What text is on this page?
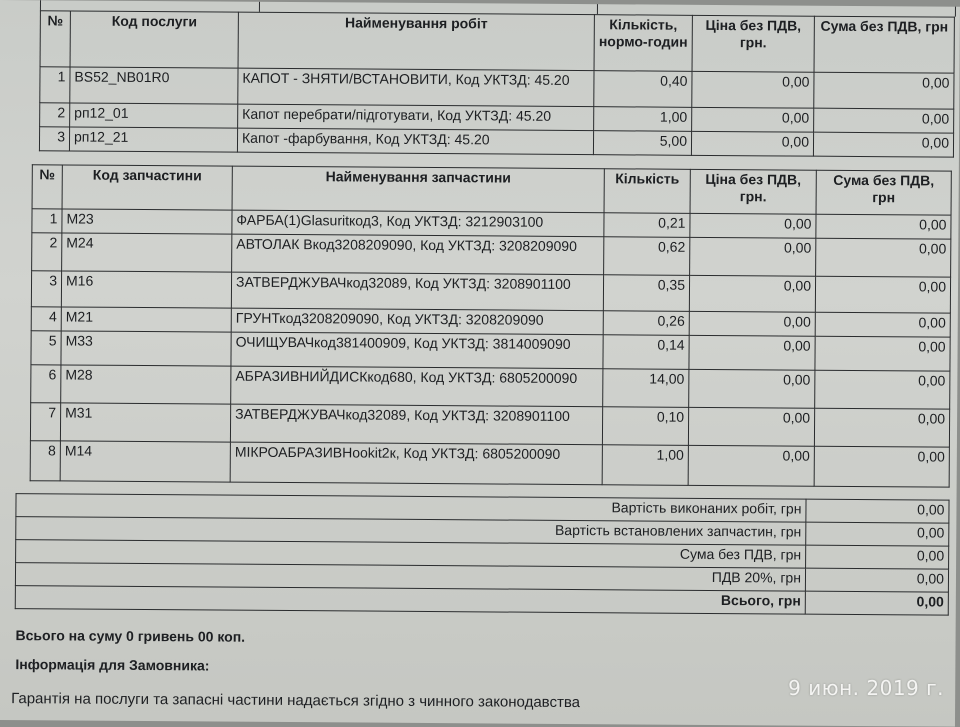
№	Код послуги	Найменування робіт	Кількість, нормо-годин	Ціна без ПДВ, грн.	Сума без ПДВ, грн
1	BS52_NB01R0	КАПОТ - ЗНЯТИ/ВСТАНОВИТИ, Код УКТЗД: 45.20	0,40	0,00	0,00
2	рп12_01	Капот перебрати/підготувати, Код УКТЗД: 45.20	1,00	0,00	0,00
3	рп12_21	Капот -фарбування, Код УКТЗД: 45.20	5,00	0,00	0,00
№	Код запчастини	Найменування запчастини	Кількість	Ціна без ПДВ, грн.	Сума без ПДВ, грн
1	М23	ФАРБА(1)Glasuritкод3, Код УКТЗД: 3212903100	0,21	0,00	0,00
2	М24	АВТОЛАК Вкод3208209090, Код УКТЗД: 3208209090	0,62	0,00	0,00
3	М16	ЗАТВЕРДЖУВАЧкод32089, Код УКТЗД: 3208901100	0,35	0,00	0,00
4	М21	ГРУНТкод3208209090, Код УКТЗД: 3208209090	0,26	0,00	0,00
5	М33	ОЧИЩУВАЧкод381400909, Код УКТЗД: 3814009090	0,14	0,00	0,00
6	М28	АБРАЗИВНИЙДИСКкод680, Код УКТЗД: 6805200090	14,00	0,00	0,00
7	М31	ЗАТВЕРДЖУВАЧкод32089, Код УКТЗД: 3208901100	0,10	0,00	0,00
8	М14	МІКРОАБРАЗИВНookit2к, Код УКТЗД: 6805200090	1,00	0,00	0,00
Вартість виконаних робіт, грн	0,00
Вартість встановлених запчастин, грн	0,00
Сума без ПДВ, грн	0,00
ПДВ 20%, грн	0,00
Всього, грн	0,00
Всього на суму 0 гривень 00 коп.
Інформація для Замовника:
Гарантія на послуги та запасні частини надається згідно з чинного законодавства
9 июн. 2019 г.
